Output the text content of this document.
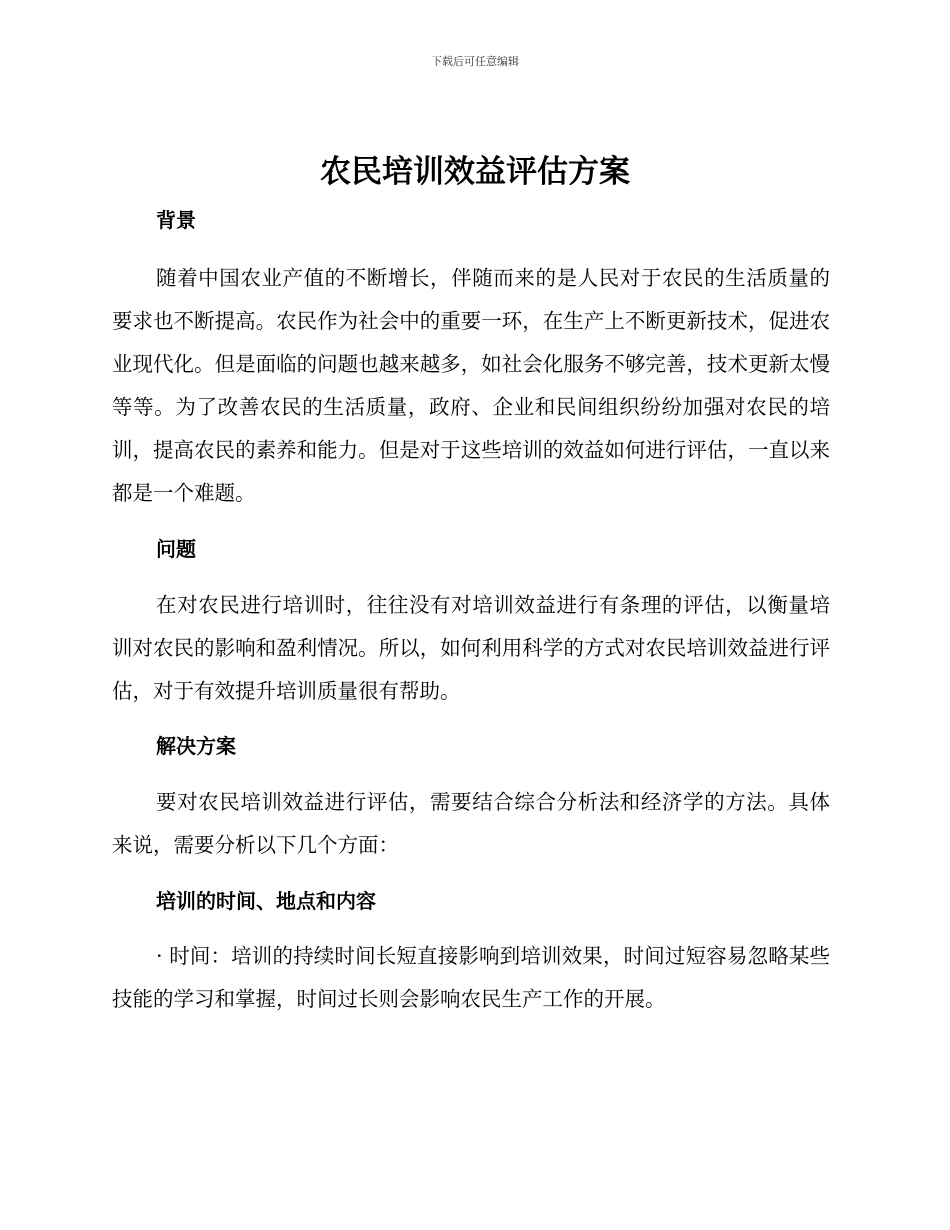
下载后可任意编辑
农民培训效益评估方案
背景

随着中国农业产值的不断增长，伴随而来的是人民对于农民的生活质量的要求也不断提高。农民作为社会中的重要一环，在生产上不断更新技术，促进农业现代化。但是面临的问题也越来越多，如社会化服务不够完善，技术更新太慢等等。为了改善农民的生活质量，政府、企业和民间组织纷纷加强对农民的培训，提高农民的素养和能力。但是对于这些培训的效益如何进行评估，一直以来都是一个难题。

问题

在对农民进行培训时，往往没有对培训效益进行有条理的评估，以衡量培训对农民的影响和盈利情况。所以，如何利用科学的方式对农民培训效益进行评估，对于有效提升培训质量很有帮助。

解决方案

要对农民培训效益进行评估，需要结合综合分析法和经济学的方法。具体来说，需要分析以下几个方面：

培训的时间、地点和内容

· 时间：培训的持续时间长短直接影响到培训效果，时间过短容易忽略某些技能的学习和掌握，时间过长则会影响农民生产工作的开展。
